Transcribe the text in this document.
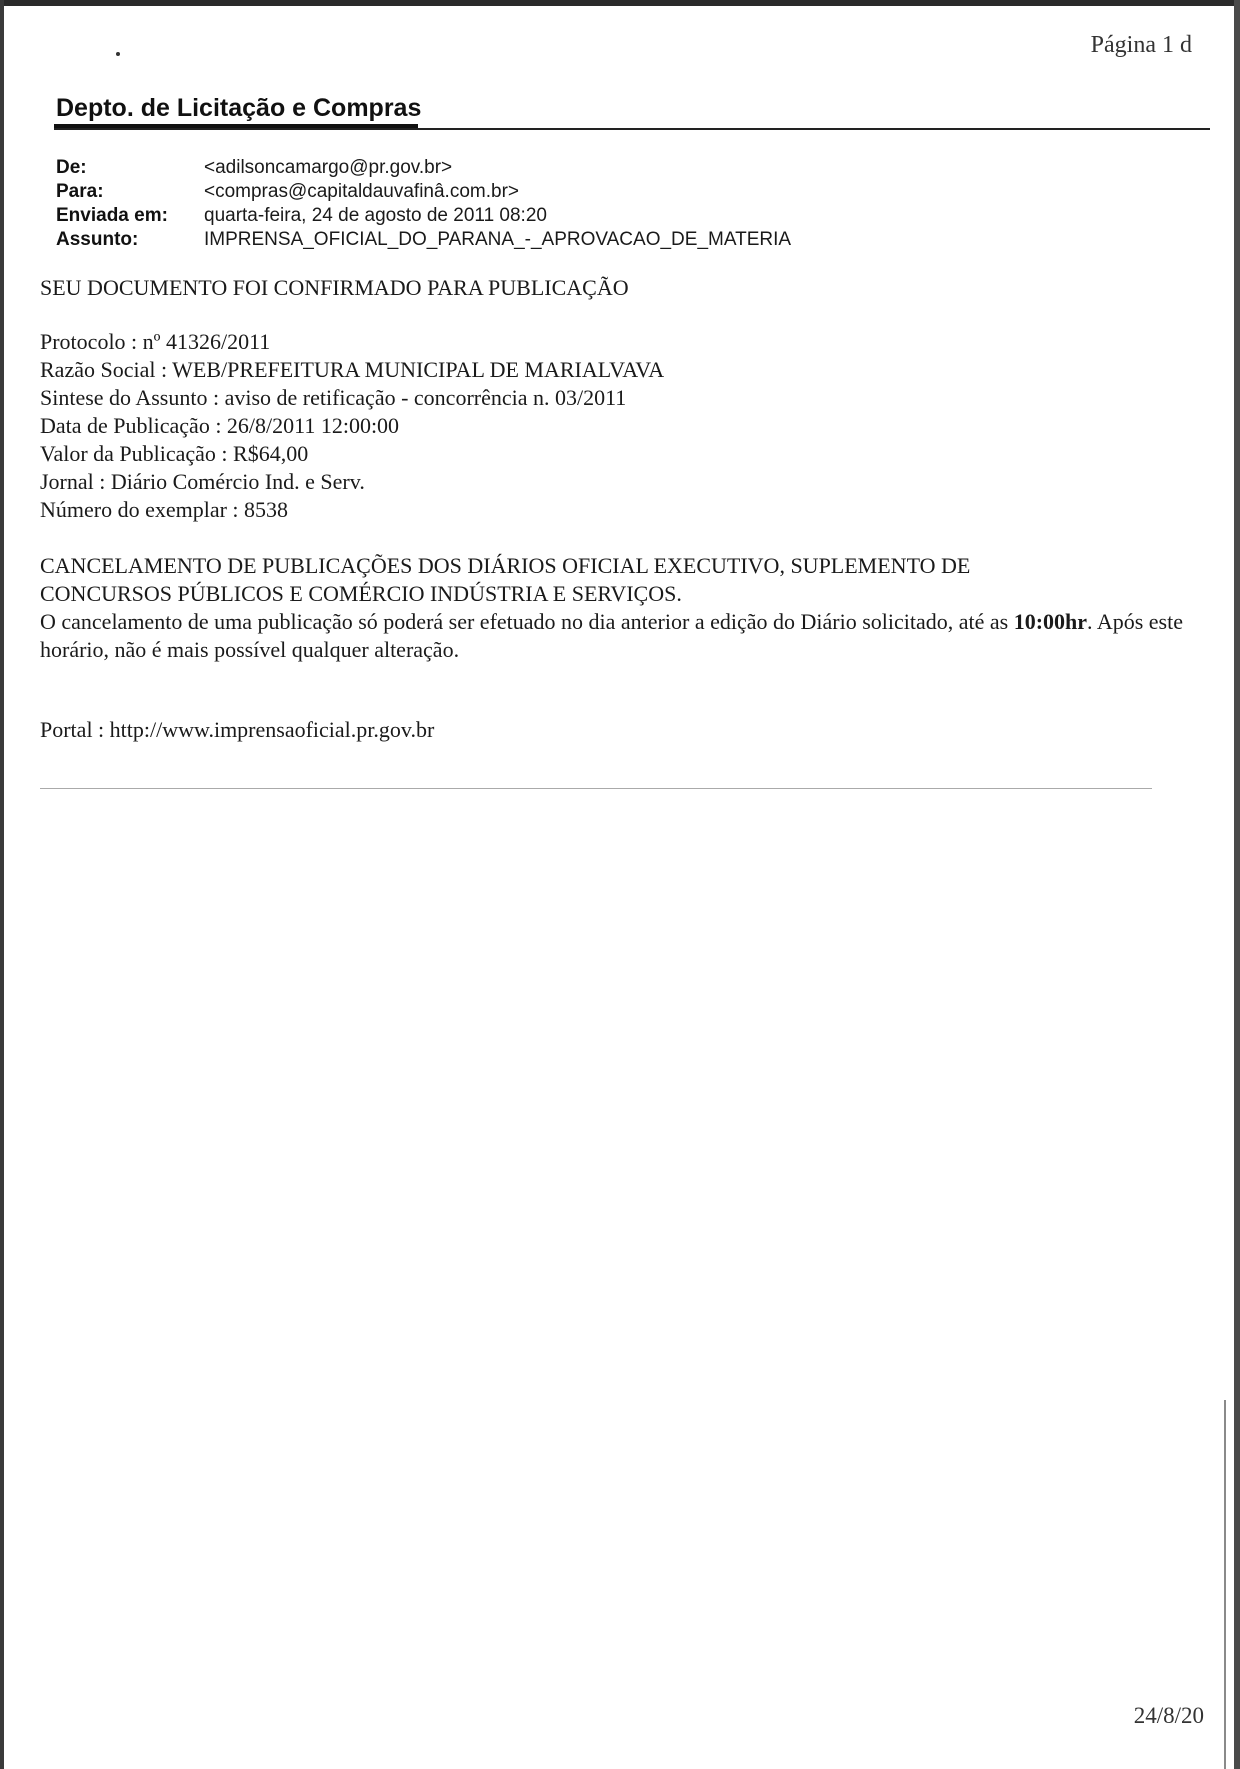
Página 1 d
Depto. de Licitação e Compras
De:	<adilsoncamargo@pr.gov.br>
Para:	<compras@capitaldauvafinâ.com.br>
Enviada em:	quarta-feira, 24 de agosto de 2011 08:20
Assunto:	IMPRENSA_OFICIAL_DO_PARANA_-_APROVACAO_DE_MATERIA

SEU DOCUMENTO FOI CONFIRMADO PARA PUBLICAÇÃO

Protocolo : nº 41326/2011

Razão Social : WEB/PREFEITURA MUNICIPAL DE MARIALVAVA

Sintese do Assunto : aviso de retificação - concorrência n. 03/2011

Data de Publicação : 26/8/2011 12:00:00

Valor da Publicação : R$64,00

Jornal : Diário Comércio Ind. e Serv.

Número do exemplar : 8538

CANCELAMENTO DE PUBLICAÇÕES DOS DIÁRIOS OFICIAL EXECUTIVO, SUPLEMENTO DE

CONCURSOS PÚBLICOS E COMÉRCIO INDÚSTRIA E SERVIÇOS.

O cancelamento de uma publicação só poderá ser efetuado no dia anterior a edição do Diário solicitado, até as 10:00hr. Após este horário, não é mais possível qualquer alteração.

Portal : http://www.imprensaoficial.pr.gov.br

24/8/20
